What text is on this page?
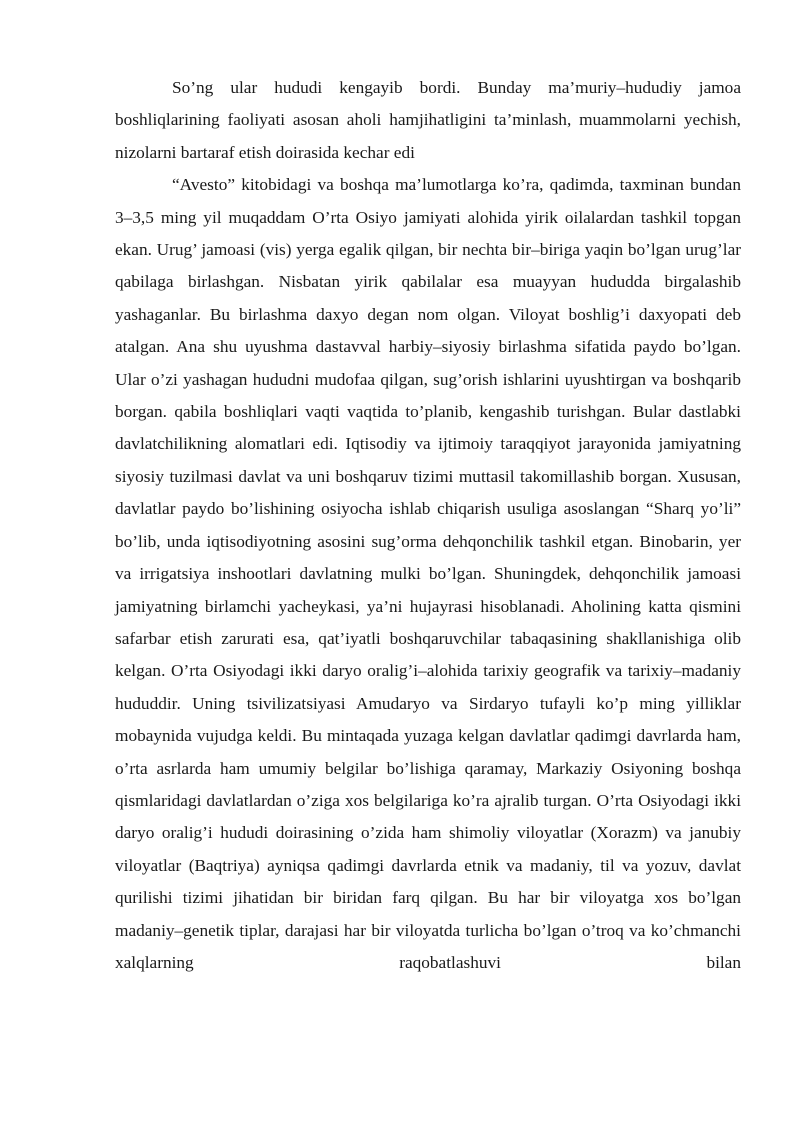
So’ng ular hududi kengayib bordi. Bunday ma’muriy–hududiy jamoa boshliqlarining faoliyati asosan aholi hamjihatligini ta’minlash, muammolarni yechish, nizolarni bartaraf etish doirasida kechar edi

“Avesto” kitobidagi va boshqa ma’lumotlarga ko’ra, qadimda, taxminan bundan 3–3,5 ming yil muqaddam O’rta Osiyo jamiyati alohida yirik oilalardan tashkil topgan ekan. Urug’ jamoasi (vis) yerga egalik qilgan, bir nechta bir–biriga yaqin bo’lgan urug’lar qabilaga birlashgan. Nisbatan yirik qabilalar esa muayyan hududda birgalashib yashaganlar. Bu birlashma daxyo degan nom olgan. Viloyat boshlig’i daxyopati deb atalgan. Ana shu uyushma dastavval harbiy–siyosiy birlashma sifatida paydo bo’lgan. Ular o’zi yashagan hududni mudofaa qilgan, sug’orish ishlarini uyushtirgan va boshqarib borgan. qabila boshliqlari vaqti vaqtida to’planib, kengashib turishgan. Bular dastlabki davlatchilikning alomatlari edi. Iqtisodiy va ijtimoiy taraqqiyot jarayonida jamiyatning siyosiy tuzilmasi davlat va uni boshqaruv tizimi muttasil takomillashib borgan. Xususan, davlatlar paydo bo’lishining osiyocha ishlab chiqarish usuliga asoslangan “Sharq yo’li” bo’lib, unda iqtisodiyotning asosini sug’orma dehqonchilik tashkil etgan. Binobarin, yer va irrigatsiya inshootlari davlatning mulki bo’lgan. Shuningdek, dehqonchilik jamoasi jamiyatning birlamchi yacheykasi, ya’ni hujayrasi hisoblanadi. Aholining katta qismini safarbar etish zarurati esa, qat’iyatli boshqaruvchilar tabaqasining shakllanishiga olib kelgan. O’rta Osiyodagi ikki daryo oralig’i–alohida tarixiy geografik va tarixiy–madaniy hududdir. Uning tsivilizatsiyasi Amudaryo va Sirdaryo tufayli ko’p ming yilliklar mobaynida vujudga keldi. Bu mintaqada yuzaga kelgan davlatlar qadimgi davrlarda ham, o’rta asrlarda ham umumiy belgilar bo’lishiga qaramay, Markaziy Osiyoning boshqa qismlaridagi davlatlardan o’ziga xos belgilariga ko’ra ajralib turgan. O’rta Osiyodagi ikki daryo oralig’i hududi doirasining o’zida ham shimoliy viloyatlar (Xorazm) va janubiy viloyatlar (Baqtriya) ayniqsa qadimgi davrlarda etnik va madaniy, til va yozuv, davlat qurilishi tizimi jihatidan bir biridan farq qilgan. Bu har bir viloyatga xos bo’lgan madaniy–genetik tiplar, darajasi har bir viloyatda turlicha bo’lgan o’troq va ko’chmanchi xalqlarning raqobatlashuvi bilan
